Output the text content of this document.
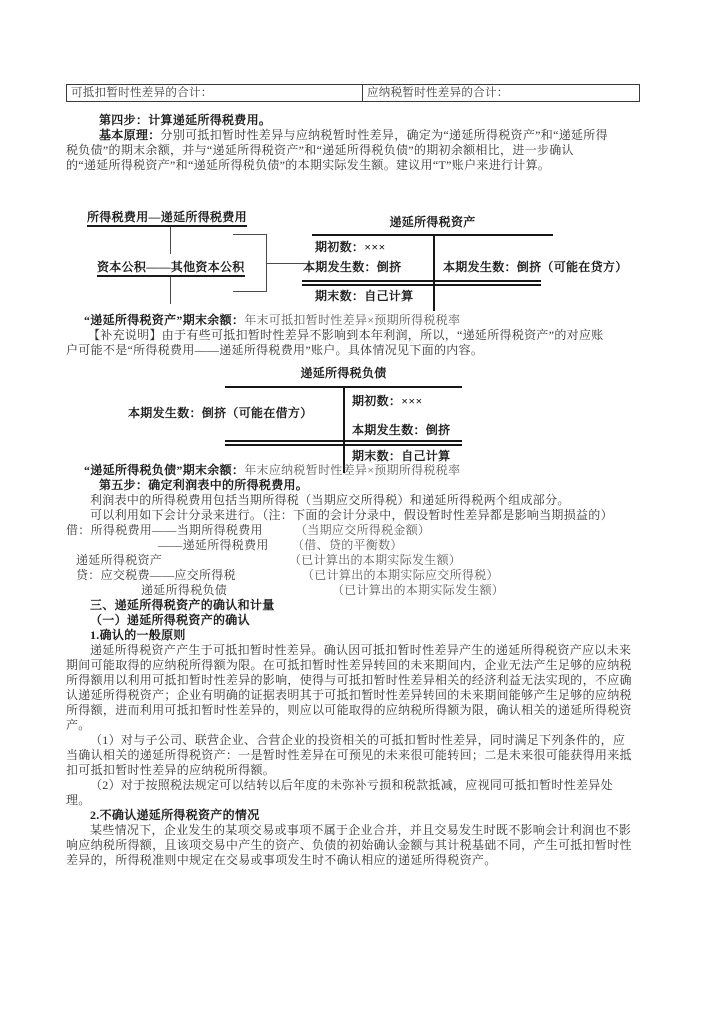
可抵扣暂时性差异的合计：	应纳税暂时性差异的合计：
第四步：计算递延所得税费用。
基本原理：分别可抵扣暂时性差异与应纳税暂时性差异，确定为“递延所得税资产”和“递延所得
税负债”的期末余额，并与“递延所得税资产”和“递延所得税负债”的期初余额相比，进一步确认
的“递延所得税资产”和“递延所得税负债”的本期实际发生额。建议用“T”账户来进行计算。
所得税费用—递延所得税费用
资本公积——其他资本公积
递延所得税资产
期初数：×××
本期发生数：倒挤	本期发生数：倒挤（可能在贷方）
期末数：自己计算
“递延所得税资产”期末余额：年末可抵扣暂时性差异×预期所得税税率
【补充说明】由于有些可抵扣暂时性差异不影响到本年利润，所以，“递延所得税资产”的对应账
户可能不是“所得税费用——递延所得税费用”账户。具体情况见下面的内容。
递延所得税负债
本期发生数：倒挤（可能在借方）
期初数：×××
本期发生数：倒挤
期末数：自己计算
“递延所得税负债”期末余额：年末应纳税暂时性差异×预期所得税税率
第五步：确定利润表中的所得税费用。
利润表中的所得税费用包括当期所得税（当期应交所得税）和递延所得税两个组成部分。
可以利用如下会计分录来进行。（注：下面的会计分录中，假设暂时性差异都是影响当期损益的）
借：所得税费用——当期所得税费用	（当期应交所得税金额）
——递延所得税费用 （借、贷的平衡数）
递延所得税资产	（已计算出的本期实际发生额）
贷：应交税费——应交所得税	（已计算出的本期实际应交所得税）
递延所得税负债	（已计算出的本期实际发生额）
三、递延所得税资产的确认和计量
（一）递延所得税资产的确认
1.确认的一般原则
递延所得税资产产生于可抵扣暂时性差异。确认因可抵扣暂时性差异产生的递延所得税资产应以未来
期间可能取得的应纳税所得额为限。在可抵扣暂时性差异转回的未来期间内，企业无法产生足够的应纳税
所得额用以利用可抵扣暂时性差异的影响，使得与可抵扣暂时性差异相关的经济利益无法实现的，不应确
认递延所得税资产；企业有明确的证据表明其于可抵扣暂时性差异转回的未来期间能够产生足够的应纳税
所得额，进而利用可抵扣暂时性差异的，则应以可能取得的应纳税所得额为限，确认相关的递延所得税资
产。
（1）对与子公司、联营企业、合营企业的投资相关的可抵扣暂时性差异，同时满足下列条件的，应
当确认相关的递延所得税资产：一是暂时性差异在可预见的未来很可能转回；二是未来很可能获得用来抵
扣可抵扣暂时性差异的应纳税所得额。
（2）对于按照税法规定可以结转以后年度的未弥补亏损和税款抵减，应视同可抵扣暂时性差异处
理。
2.不确认递延所得税资产的情况
某些情况下，企业发生的某项交易或事项不属于企业合并，并且交易发生时既不影响会计利润也不影
响应纳税所得额，且该项交易中产生的资产、负债的初始确认金额与其计税基础不同，产生可抵扣暂时性
差异的，所得税准则中规定在交易或事项发生时不确认相应的递延所得税资产。
